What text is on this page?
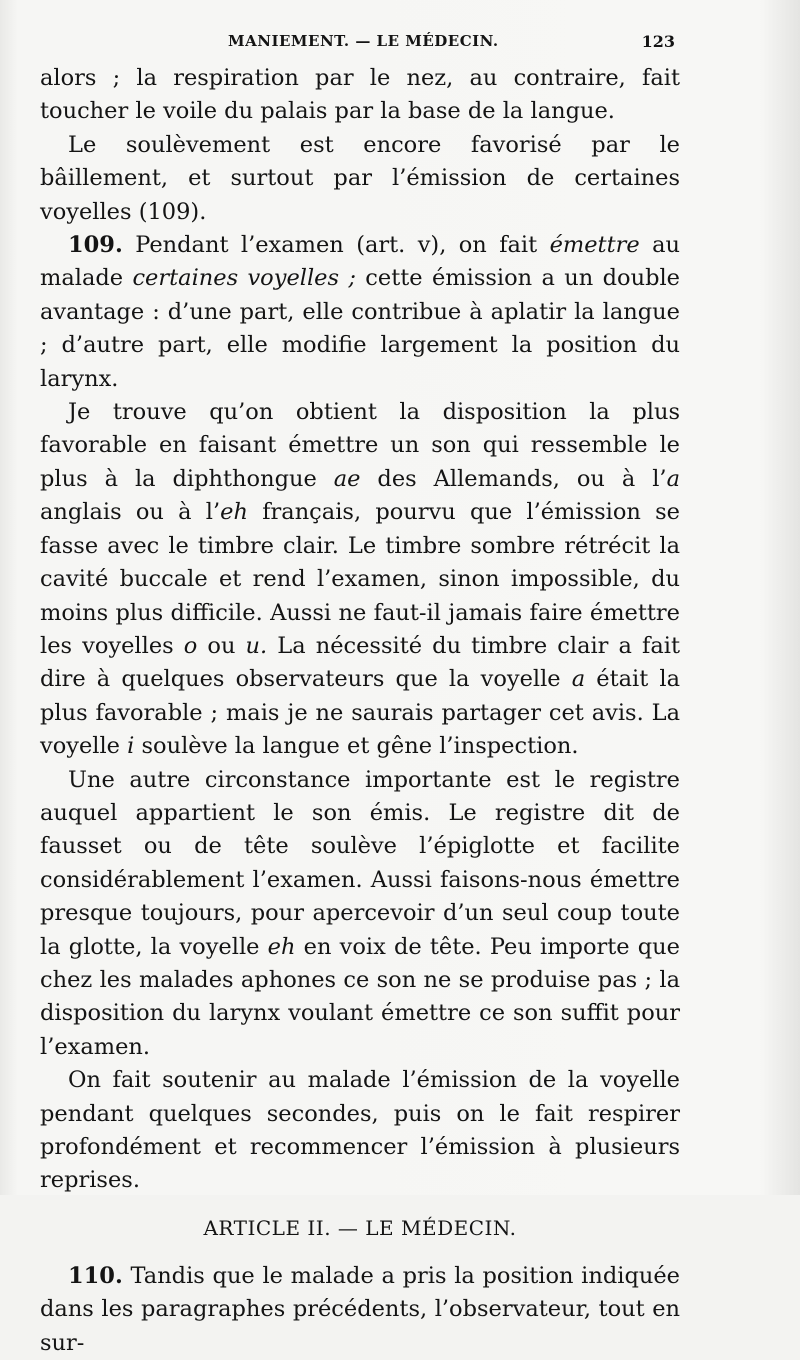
MANIEMENT. — LE MÉDECIN.	123

alors ; la respiration par le nez, au contraire, fait toucher le voile du palais par la base de la langue.

Le soulèvement est encore favorisé par le bâillement, et surtout par l’émission de certaines voyelles (109).

109. Pendant l’examen (art. v), on fait émettre au malade certaines voyelles ; cette émission a un double avantage : d’une part, elle contribue à aplatir la langue ; d’autre part, elle modifie largement la position du larynx.

Je trouve qu’on obtient la disposition la plus favorable en faisant émettre un son qui ressemble le plus à la diphthongue ae des Allemands, ou à l’a anglais ou à l’eh français, pourvu que l’émission se fasse avec le timbre clair. Le timbre sombre rétrécit la cavité buccale et rend l’examen, sinon impossible, du moins plus difficile. Aussi ne faut-il jamais faire émettre les voyelles o ou u. La nécessité du timbre clair a fait dire à quelques observateurs que la voyelle a était la plus favorable ; mais je ne saurais partager cet avis. La voyelle i soulève la langue et gêne l’inspection.

Une autre circonstance importante est le registre auquel appartient le son émis. Le registre dit de fausset ou de tête soulève l’épiglotte et facilite considérablement l’examen. Aussi faisons-nous émettre presque toujours, pour apercevoir d’un seul coup toute la glotte, la voyelle eh en voix de tête. Peu importe que chez les malades aphones ce son ne se produise pas ; la disposition du larynx voulant émettre ce son suffit pour l’examen.

On fait soutenir au malade l’émission de la voyelle pendant quelques secondes, puis on le fait respirer profondément et recommencer l’émission à plusieurs reprises.

ARTICLE II. — LE MÉDECIN.

110. Tandis que le malade a pris la position indiquée dans les paragraphes précédents, l’observateur, tout en sur-
